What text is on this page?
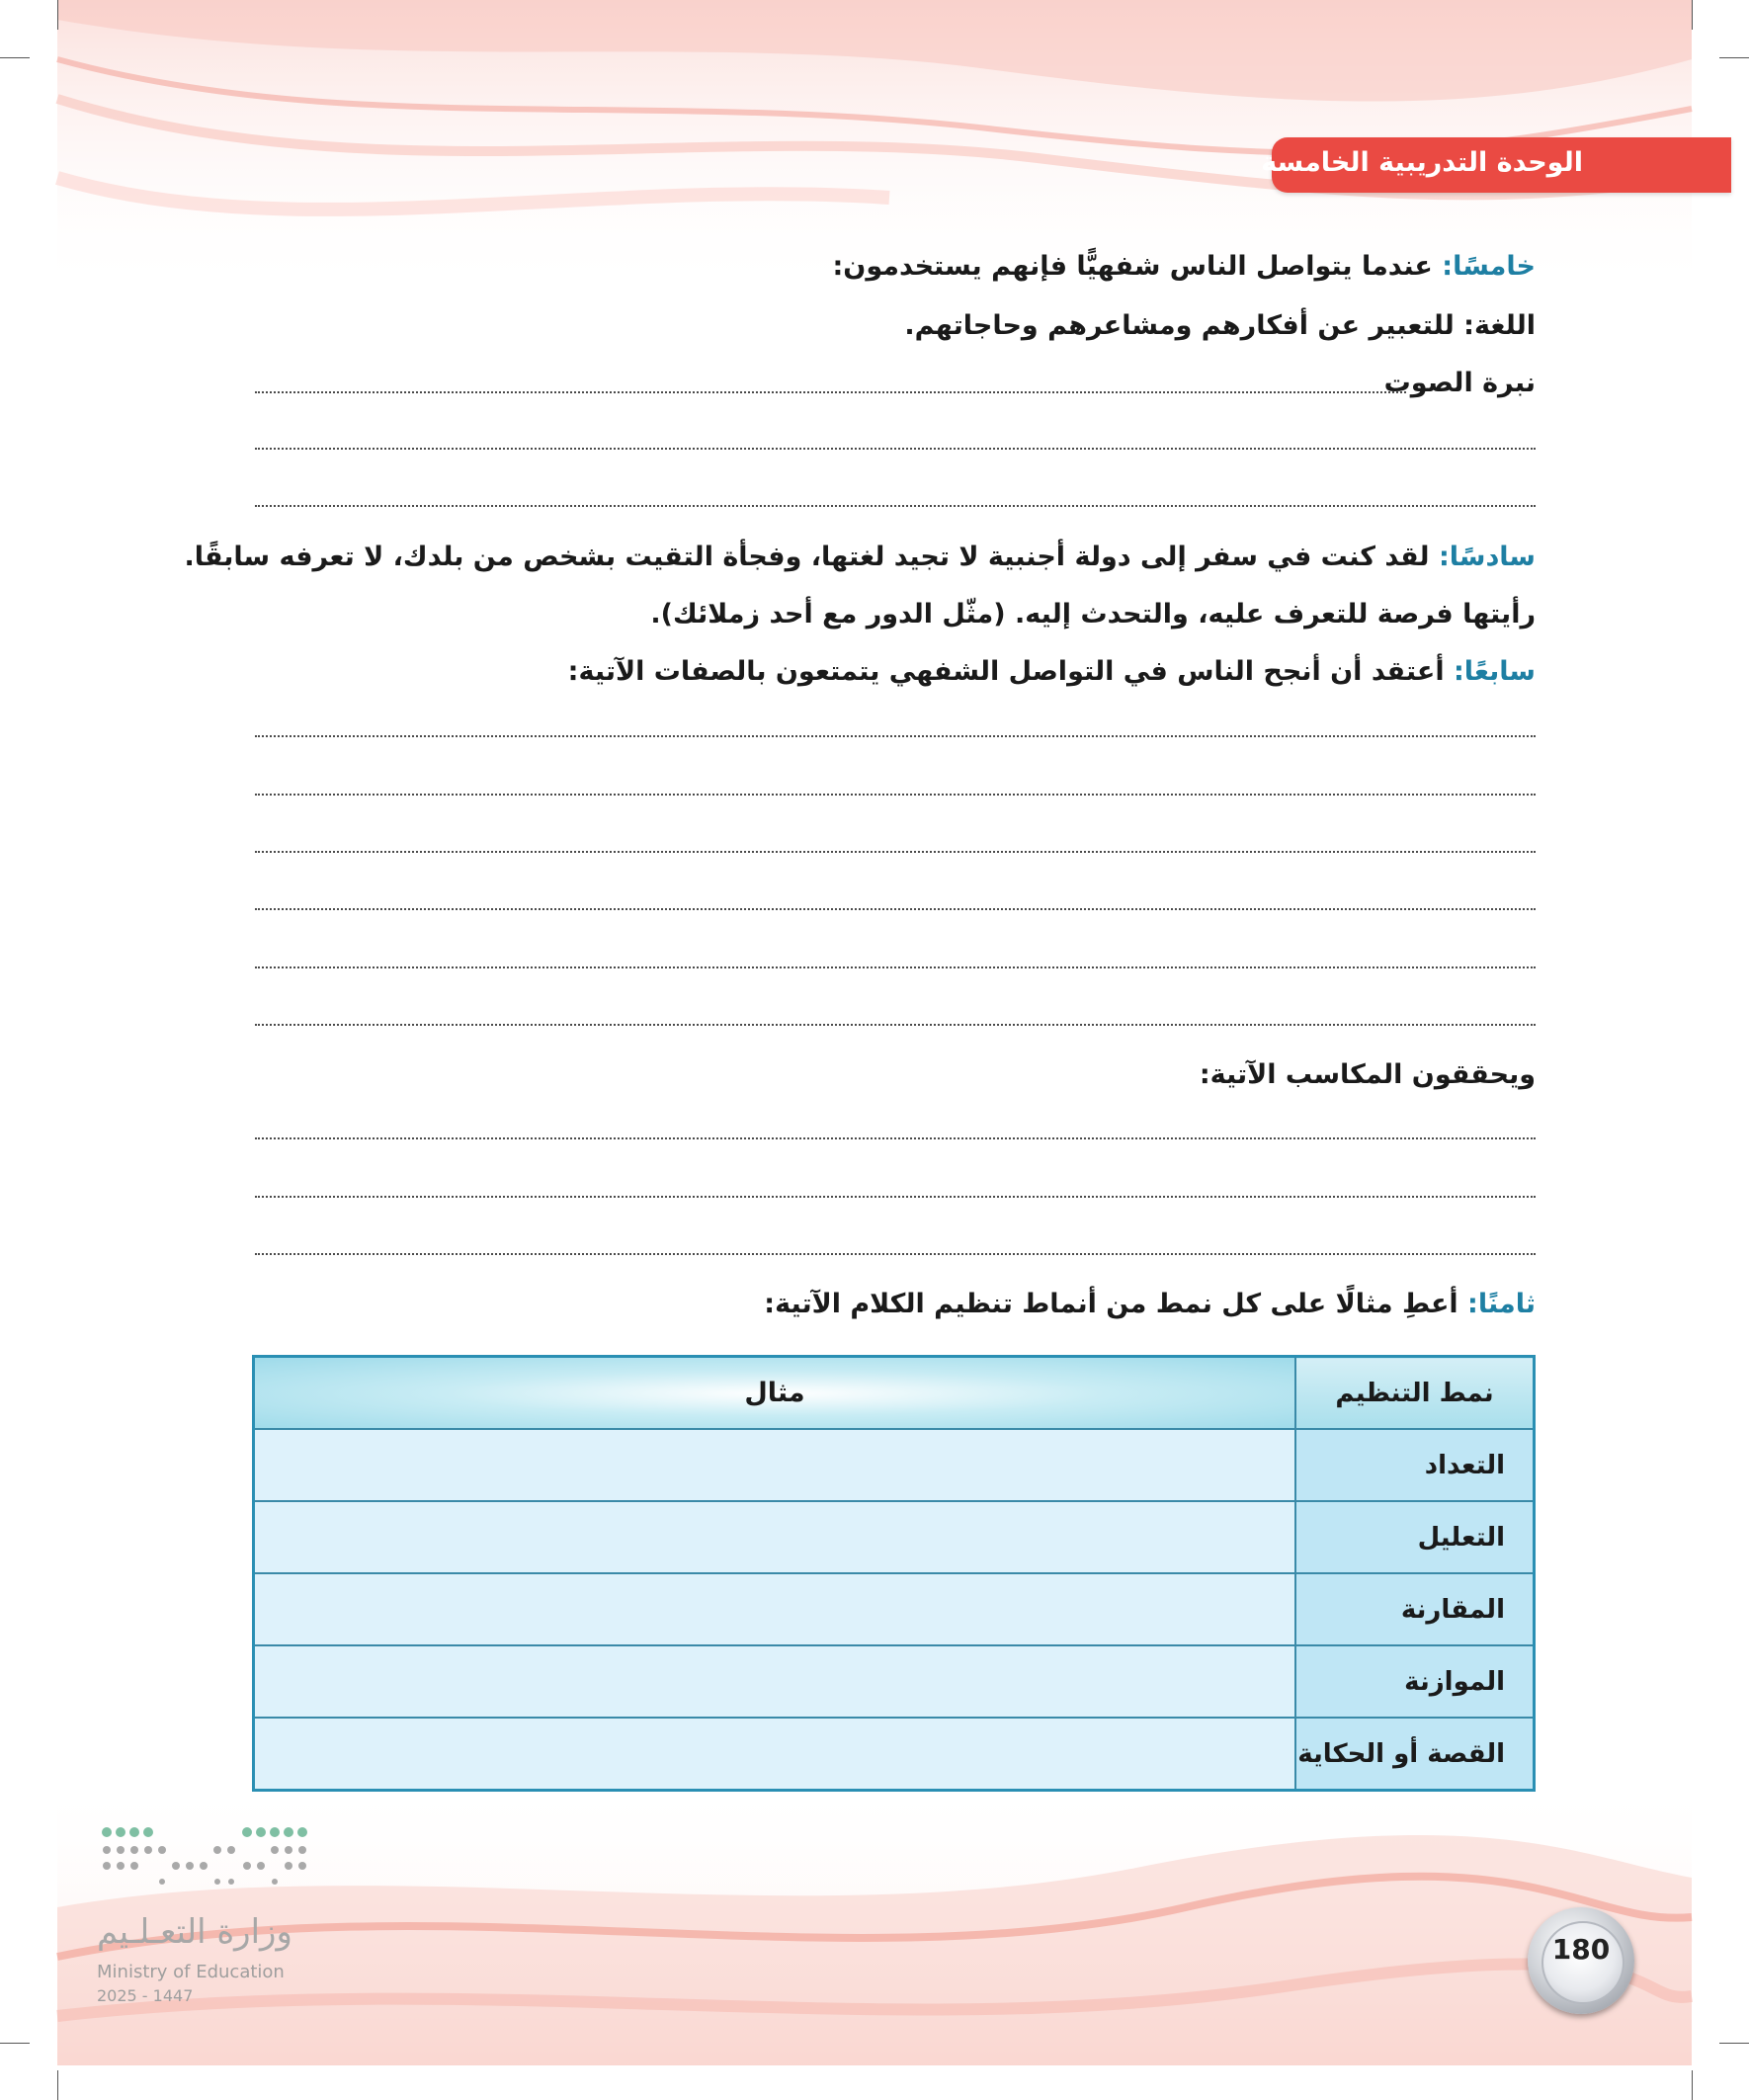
الوحدة التدريبية الخامسة
خامسًا: عندما يتواصل الناس شفهيًّا فإنهم يستخدمون:
اللغة: للتعبير عن أفكارهم ومشاعرهم وحاجاتهم.
نبرة الصوت
سادسًا: لقد كنت في سفر إلى دولة أجنبية لا تجيد لغتها، وفجأة التقيت بشخص من بلدك، لا تعرفه سابقًا.
رأيتها فرصة للتعرف عليه، والتحدث إليه. (مثّل الدور مع أحد زملائك).
سابعًا: أعتقد أن أنجح الناس في التواصل الشفهي يتمتعون بالصفات الآتية:
ويحققون المكاسب الآتية:
ثامنًا: أعطِ مثالًا على كل نمط من أنماط تنظيم الكلام الآتية:
نمط التنظيم	مثال
التعداد	
التعليل	
المقارنة	
الموازنة	
القصة أو الحكاية	
وزارة التعـلـيم
Ministry of Education
2025 - 1447
180
